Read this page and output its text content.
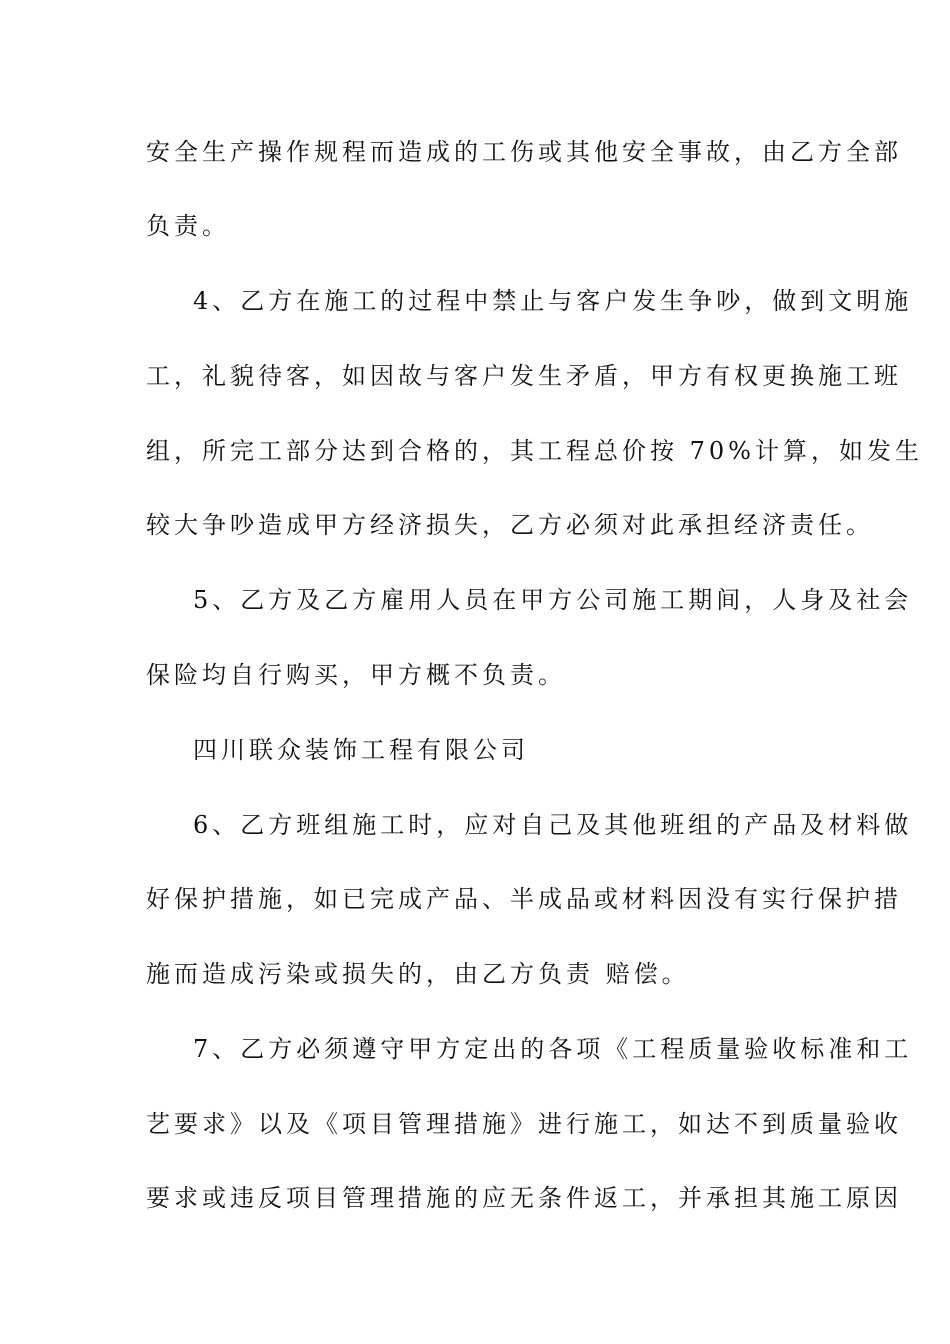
安全生产操作规程而造成的工伤或其他安全事故，由乙方全部
负责。
4、乙方在施工的过程中禁止与客户发生争吵，做到文明施
工，礼貌待客，如因故与客户发生矛盾，甲方有权更换施工班
组，所完工部分达到合格的，其工程总价按 70%计算，如发生
较大争吵造成甲方经济损失，乙方必须对此承担经济责任。
5、乙方及乙方雇用人员在甲方公司施工期间，人身及社会
保险均自行购买，甲方概不负责。
四川联众装饰工程有限公司
6、乙方班组施工时，应对自己及其他班组的产品及材料做
好保护措施，如已完成产品、半成品或材料因没有实行保护措
施而造成污染或损失的，由乙方负责 赔偿。
7、乙方必须遵守甲方定出的各项《工程质量验收标准和工
艺要求》以及《项目管理措施》进行施工，如达不到质量验收
要求或违反项目管理措施的应无条件返工，并承担其施工原因
